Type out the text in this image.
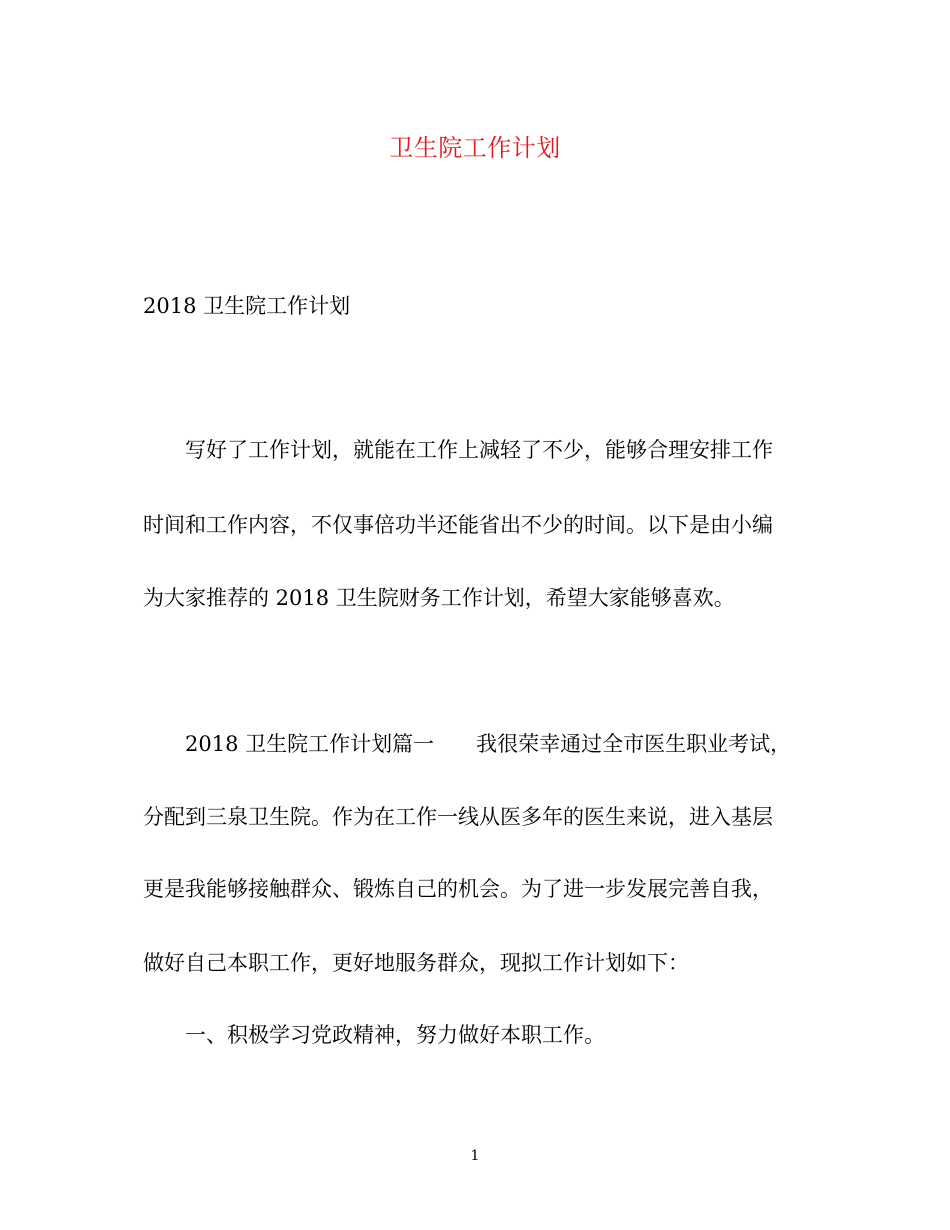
卫生院工作计划
2018 卫生院工作计划
写好了工作计划，就能在工作上减轻了不少，能够合理安排工作
时间和工作内容，不仅事倍功半还能省出不少的时间。以下是由小编
为大家推荐的 2018 卫生院财务工作计划，希望大家能够喜欢。
2018 卫生院工作计划篇一　　我很荣幸通过全市医生职业考试，
分配到三泉卫生院。作为在工作一线从医多年的医生来说，进入基层
更是我能够接触群众、锻炼自己的机会。为了进一步发展完善自我，
做好自己本职工作，更好地服务群众，现拟工作计划如下：
一、积极学习党政精神，努力做好本职工作。
1
